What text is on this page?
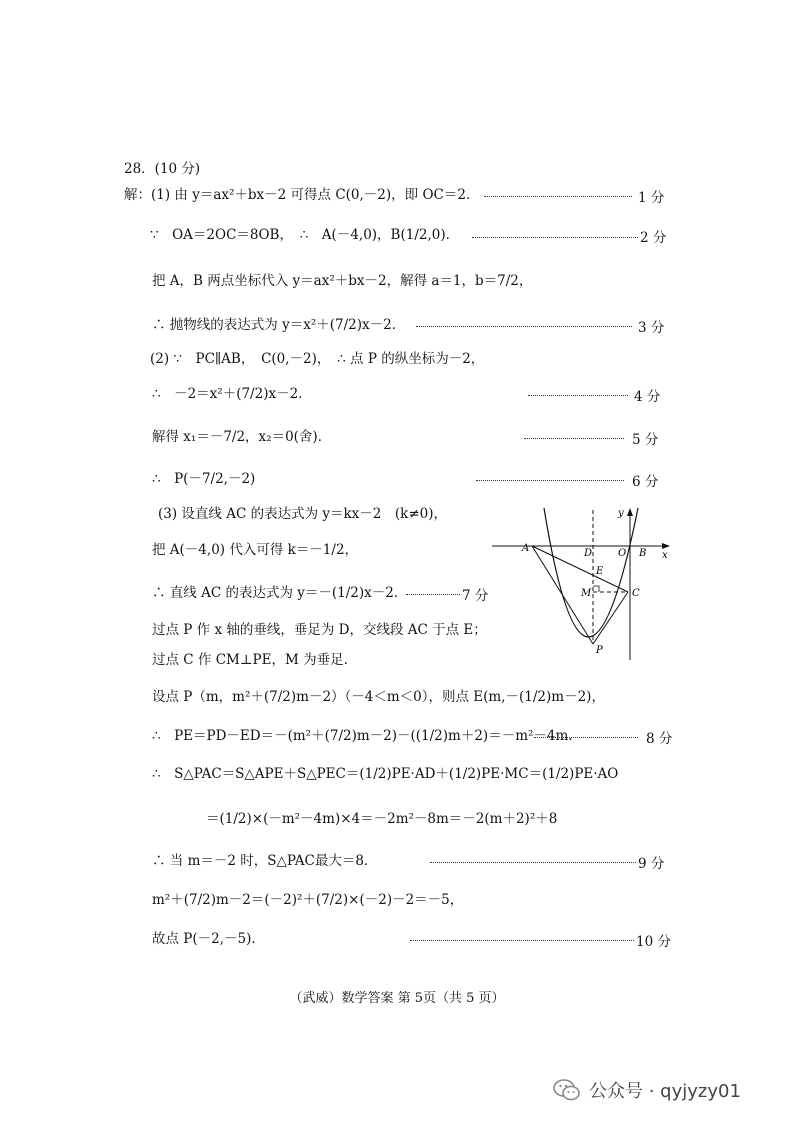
28．(10 分)
解：(1) 由 y＝ax²＋bx－2 可得点 C(0,－2)，即 OC＝2．	1 分
∵　OA＝2OC＝8OB，　∴　A(－4,0)，B(1/2,0)．	2 分
把 A，B 两点坐标代入 y＝ax²＋bx－2，解得 a＝1，b＝7/2，
∴ 抛物线的表达式为 y＝x²＋(7/2)x－2．	3 分
(2) ∵　PC∥AB，　C(0,－2)，　∴ 点 P 的纵坐标为－2，
∴　－2＝x²＋(7/2)x－2．	4 分
解得 x₁＝－7/2，x₂＝0(舍)．	5 分
∴　P(－7/2,－2)	6 分
(3) 设直线 AC 的表达式为 y＝kx－2　(k≠0)，
把 A(－4,0) 代入可得 k＝－1/2，
∴ 直线 AC 的表达式为 y＝－(1/2)x－2．	7 分
过点 P 作 x 轴的垂线，垂足为 D，交线段 AC 于点 E；
过点 C 作 CM⊥PE，M 为垂足.
设点 P（m，m²＋(7/2)m－2）（－4＜m＜0），则点 E(m,－(1/2)m－2)，
∴　PE＝PD－ED＝－(m²＋(7/2)m－2)－((1/2)m＋2)＝－m²－4m.	8 分
∴　S△PAC＝S△APE＋S△PEC＝(1/2)PE·AD＋(1/2)PE·MC＝(1/2)PE·AO
＝(1/2)×(－m²－4m)×4＝－2m²－8m＝－2(m＋2)²＋8
∴ 当 m＝－2 时，S△PAC最大＝8．	9 分
m²＋(7/2)m－2＝(－2)²＋(7/2)×(－2)－2＝－5，
故点 P(－2,－5)．	10 分
y
x
A	D	O B
E
M	C
P
（武威）数学答案 第 5页（共 5 页）
公众号 · qyjyzy01
